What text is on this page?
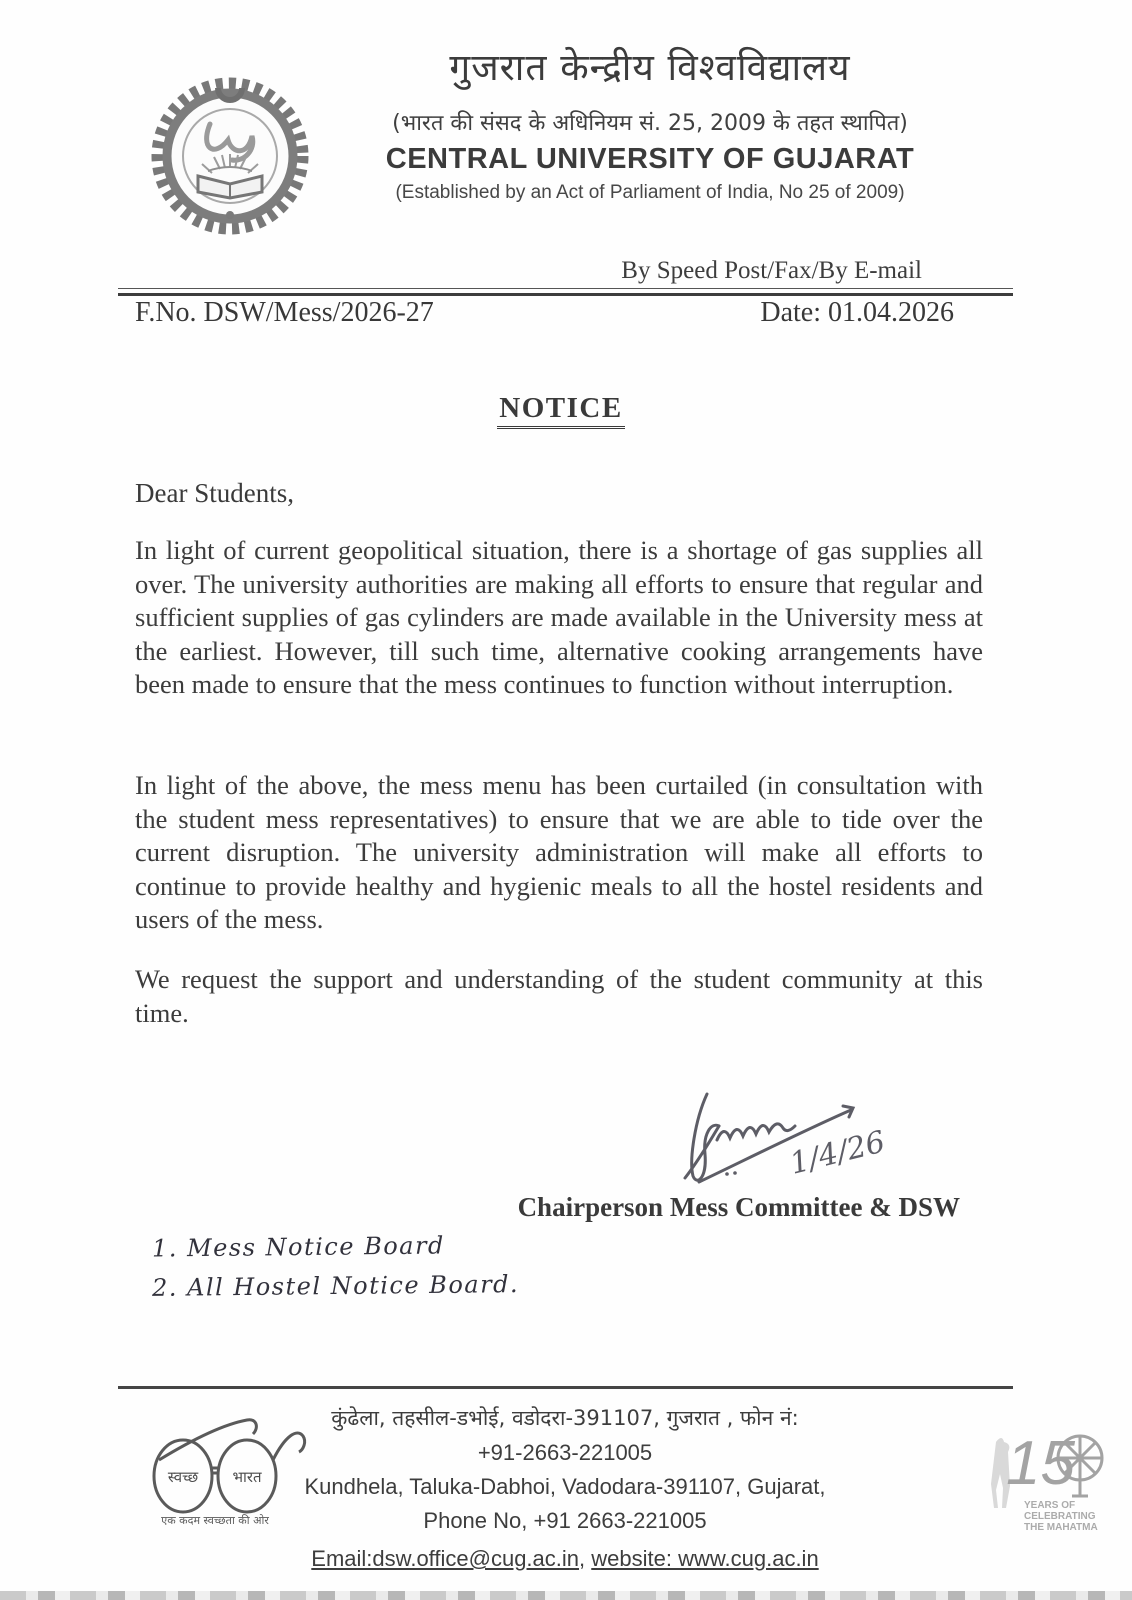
गुजरात केन्द्रीय विश्वविद्यालय
(भारत की संसद के अधिनियम सं. 25, 2009 के तहत स्थापित)
CENTRAL UNIVERSITY OF GUJARAT
(Established by an Act of Parliament of India, No 25 of 2009)
By Speed Post/Fax/By E-mail
F.No. DSW/Mess/2026-27	Date: 01.04.2026
NOTICE
Dear Students,
In light of current geopolitical situation, there is a shortage of gas supplies all over. The university authorities are making all efforts to ensure that regular and sufficient supplies of gas cylinders are made available in the University mess at the earliest. However, till such time, alternative cooking arrangements have been made to ensure that the mess continues to function without interruption.
In light of the above, the mess menu has been curtailed (in consultation with the student mess representatives) to ensure that we are able to tide over the current disruption. The university administration will make all efforts to continue to provide healthy and hygienic meals to all the hostel residents and users of the mess.
We request the support and understanding of the student community at this time.
1/4/26
Chairperson Mess Committee & DSW
1. Mess Notice Board
2. All Hostel Notice Board.
स्वच्छ भारत
एक कदम स्वच्छता की ओर
कुंढेला, तहसील-डभोई, वडोदरा-391107, गुजरात , फोन नं:
+91-2663-221005
Kundhela, Taluka-Dabhoi, Vadodara-391107, Gujarat,
Phone No, +91 2663-221005
Email:dsw.office@cug.ac.in, website: www.cug.ac.in
15
YEARS OF
CELEBRATING
THE MAHATMA
